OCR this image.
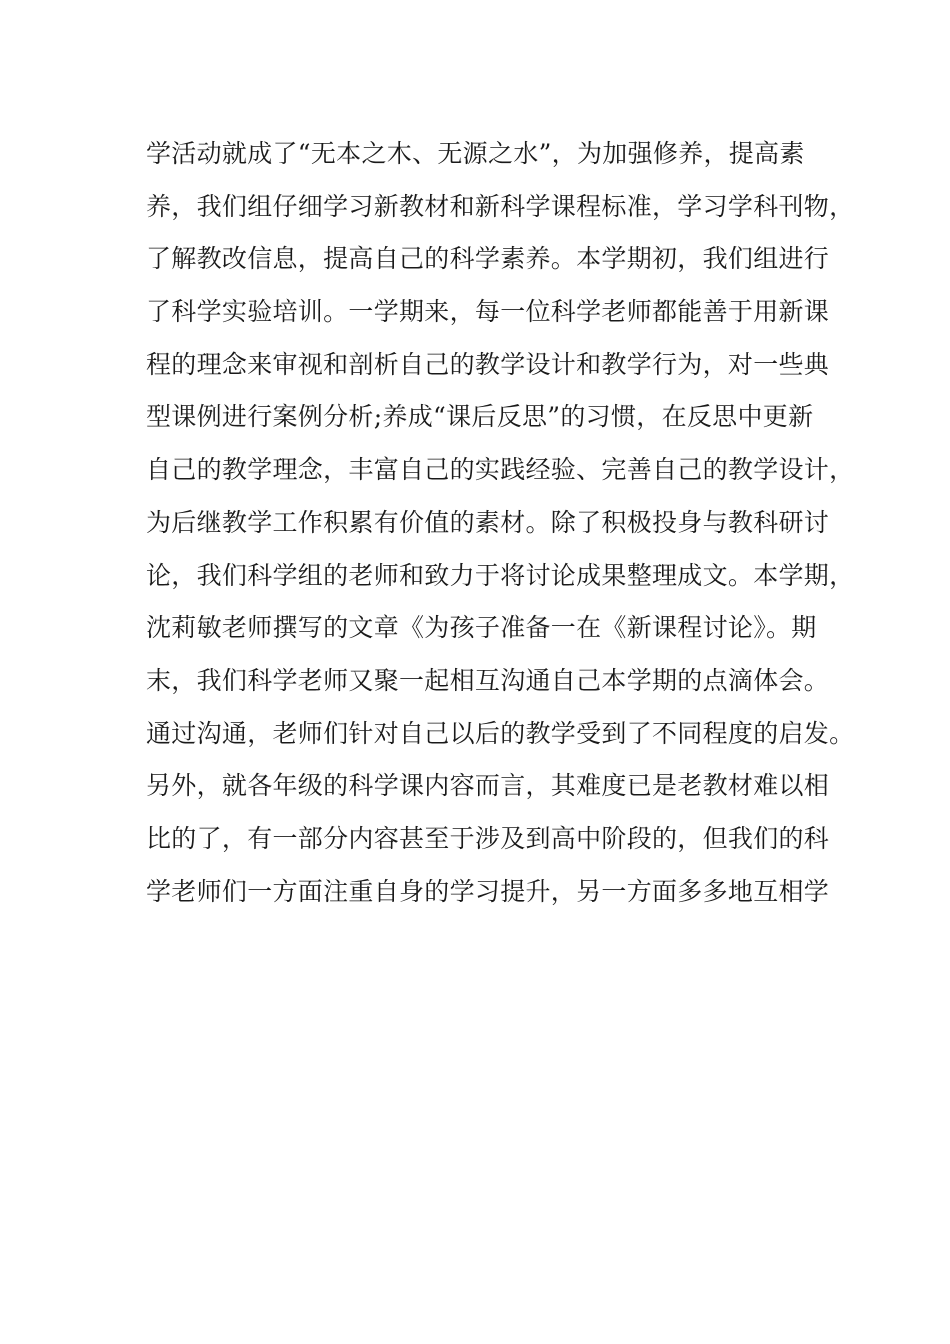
学活动就成了“无本之木、无源之水”，为加强修养，提高素
养，我们组仔细学习新教材和新科学课程标准，学习学科刊物，
了解教改信息，提高自己的科学素养。本学期初，我们组进行
了科学实验培训。一学期来，每一位科学老师都能善于用新课
程的理念来审视和剖析自己的教学设计和教学行为，对一些典
型课例进行案例分析;养成“课后反思”的习惯，在反思中更新
自己的教学理念，丰富自己的实践经验、完善自己的教学设计，
为后继教学工作积累有价值的素材。除了积极投身与教科研讨
论，我们科学组的老师和致力于将讨论成果整理成文。本学期，
沈莉敏老师撰写的文章《为孩子准备一在《新课程讨论》。期
末，我们科学老师又聚一起相互沟通自己本学期的点滴体会。
通过沟通，老师们针对自己以后的教学受到了不同程度的启发。
另外，就各年级的科学课内容而言，其难度已是老教材难以相
比的了，有一部分内容甚至于涉及到高中阶段的，但我们的科
学老师们一方面注重自身的学习提升，另一方面多多地互相学
